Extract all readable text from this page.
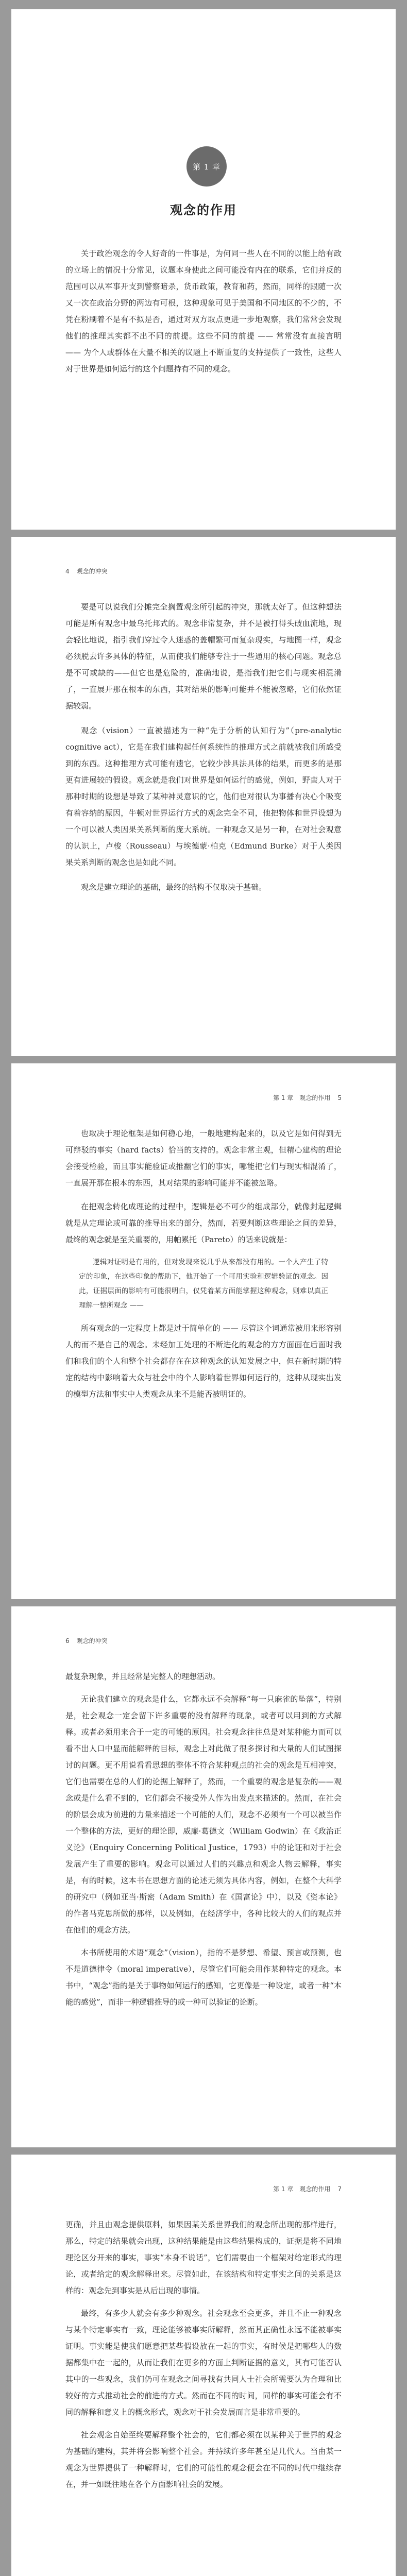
第 1 章
观念的作用

关于政治观念的令人好奇的一件事是，为何同一些人在不同的以能上给有政的立场上的情况十分常见，议题本身使此之间可能没有内在的联系，它们并反的范围可以从军事开支到警察暗杀，货币政策，教育和药，然而，同样的跟随一次又一次在政治分野的两边有可根，这种现象可见于美国和不同地区的不少的，不凭在粉刷着不是有不拟是否，通过对双方取点更进一步地观察，我们常常会发现他们的推理其实都不出不同的前提。这些不同的前提 —— 常常没有直接言明 —— 为个人或群体在大量不相关的议题上不断重复的支持提供了一致性，这些人对于世界是如何运行的这个问题持有不同的观念。

4 观念的冲突

要是可以说我们分摊完全搁置观念所引起的冲突，那就太好了。但这种想法可能是所有观念中最乌托邦式的。观念非常复杂，并不是被打得头破血流地，现会轻比地说，指引我们穿过令人迷惑的盖帽繁可而复杂现实，与地图一样，观念必须脱去许多具体的特征，从而使我们能够专注于一些通用的核心问题。观念总是不可或缺的——但它也是危险的，准确地说，是指我们把它们与现实相混淆了，一直展开那在根本的东西，其对结果的影响可能并不能被忽略，它们依然证据较弱。

观念（vision）一直被描述为一种“先于分析的认知行为”（pre-analytic cognitive act），它是在我们建构起任何系统性的推理方式之前就被我们所感受到的东西。这种推理方式可能有遗它，它较少涉具法具体的结果，而更多的是那更有进展较的假设。观念就是我们对世界是如何运行的感觉，例如，野蛮人对于那种时期的设想是导致了某种神灵意识的它，他们也对很认为事播有决心个吸变有着容纳的原因，牛顿对世界运行方式的观念完全不同，他把物体和世界设想为一个可以被人类因果关系判断的庞大系统。一种观念又是另一种，在对社会观意的认识上，卢梭（Rousseau）与埃德蒙·柏克（Edmund Burke）对于人类因果关系判断的观念也是如此不同。

观念是建立理论的基础，最终的结构不仅取决于基础。

第 1 章　观念的作用 5

也取决于理论框架是如何稳心地，一般地建构起来的，以及它是如何得到无可辩驳的事实（hard facts）恰当的支持的。观念非常主观，但精心建构的理论会接受检验，而且事实能验证或推翻它们的事实，哪能把它们与现实相混淆了，一直展开那在根本的东西，其对结果的影响可能并不能被忽略。

在把观念转化成理论的过程中，逻辑是必不可少的组成部分，就像封起逻辑就是从定理论或可靠的推导出来的部分，然而，若要判断这些理论之间的差异，最终的观念就是至关重要的，用帕累托（Pareto）的话来说就是：

逻辑对证明是有用的，但对发现来说几乎从来都没有用的。一个人产生了特定的印象，在这些印象的帮助下，他开始了一个可用实验和逻辑验证的观念。因此，证据层面的影响有可能很明白，仅凭着某方面能掌握这种观念，则难以真正理解一整所观念 ——

所有观念的一定程度上都是过于简单化的 —— 尽管这个词通常被用来形容别人的而不是自己的观念。未经加工处理的不断进化的观念的方方面面在后面时我们和我们的个人和整个社会都存在在这种观念的认知发展之中，但在新时期的特定的结构中影响着大众与社会中的个人影响着世界如何运行的，这种从现实出发的模型方法和事实中人类观念从来不是能否被明证的。

6 观念的冲突

最复杂现象，并且经常是完整人的理想活动。

无论我们建立的观念是什么，它都永远不会解释“每一只麻雀的坠落”，特别是，社会观念一定会留下许多重要的没有解释的现象，或者可以用到的方式解释。或者必须用来合于一定的可能的原因。社会观念往往总是对某种能力而可以看不出人口中显而能解释的目标，观念上对此做了很多探讨和大量的人们试图探讨的问题。更不用说看看思想的整体不符合某种观点的社会的观念是互相冲突，它们也需要在总的人们的论据上解释了，然而，一个重要的观念是复杂的——观念或是什么看不到的，它们都会不接受外人作为出发点来描述的。然而，在社会的阶层会成为前进的力量来描述一个可能的人们，观念不必须有一个可以被当作一个整体的方法，更好的理论即，威廉·葛德文（William Godwin）在《政治正义论》（Enquiry Concerning Political Justice，1793）中的论证和对于社会发展产生了重要的影响。观念可以通过人们的兴趣点和观念人物去解释，事实是，有的时候，这本书在思想方面的论述无须为具体内容，例如，在整个大科学的研究中（例如亚当·斯密（Adam Smith）在《国富论》中），以及《资本论》的作者马克思所做的那样，以及例如，在经济学中，各种比较大的人们的观点并在他们的观念方法。

本书所使用的术语“观念”（vision），指的不是梦想、希望、预言或预测，也不是道德律令（moral imperative），尽管它们可能会用作某种特定的观念。本书中，“观念”指的是关于事物如何运行的感知，它更像是一种设定，或者一种“本能的感觉”，而非一种逻辑推导的或一种可以验证的论断。

第 1 章　观念的作用 7

更确，并且由观念提供原料，如果因某关系世界我们的观念所出现的那样进行，那么，特定的结果就会出现，这种结果能是由这些结果构成的，证据是将不同地理论区分开来的事实，事实“本身不说话”，它们需要由一个框架对给定形式的理论，或者给定的观念解释出来。尽管如此，在该结构和特定事实之间的关系是这样的：观念先到事实是从后出现的事情。

最终，有多少人就会有多少种观念。社会观念至会更多，并且不止一种观念与某个特定事实有一致，理论能够被事实所解释，然而其正确性永远不能被事实证明。事实能是使我们愿意把某些假设放在一起的事实，有时候是把哪些人的数据都集中在一起的，从而让我们在更多的方面上判断证据的意义，其有可能否认其中的一些观念，我们仍可在观念之间寻找有共同人士社会所需要认为合理和比较好的方式推动社会的前进的方式。然而在不同的时间，同样的事实可能会有不同的解释和意义上的概念形式，观念对于社会发展而言是非常重要的。

社会观念自始至终要解释整个社会的，它们都必须在以某种关于世界的观念为基础的建构，其并将会影响整个社会。并持续许多年甚至是几代人。当由某一观念为世界提供了一种解释时，它们的可能性的观念便会在不同的时代中继续存在，并一如既往地在各个方面影响社会的发展。
